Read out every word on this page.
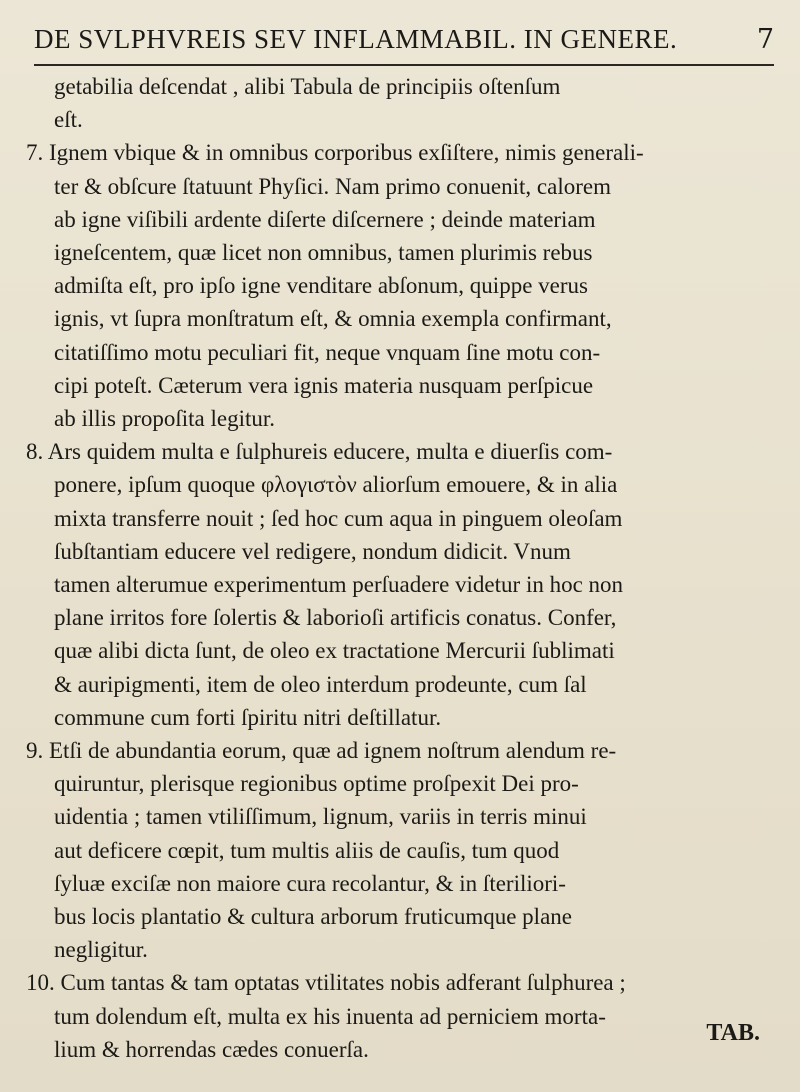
DE SVLPHVREIS SEV INFLAMMABIL. IN GENERE.	7
getabilia deſcendat , alibi Tabula de principiis oſtenſum
eſt.
7. Ignem vbique & in omnibus corporibus exſiſtere, nimis generali-
ter & obſcure ſtatuunt Phyſici. Nam primo conuenit, calorem
ab igne viſibili ardente diſerte diſcernere ; deinde materiam
igneſcentem, quæ licet non omnibus, tamen plurimis rebus
admiſta eſt, pro ipſo igne venditare abſonum, quippe verus
ignis, vt ſupra monſtratum eſt, & omnia exempla confirmant,
citatiſſimo motu peculiari fit, neque vnquam ſine motu con-
cipi poteſt. Cæterum vera ignis materia nusquam perſpicue
ab illis propoſita legitur.
8. Ars quidem multa e ſulphureis educere, multa e diuerſis com-
ponere, ipſum quoque φλογιστὸν aliorſum emouere, & in alia
mixta transferre nouit ; ſed hoc cum aqua in pinguem oleoſam
ſubſtantiam educere vel redigere, nondum didicit. Vnum
tamen alterumue experimentum perſuadere videtur in hoc non
plane irritos fore ſolertis & laborioſi artificis conatus. Confer,
quæ alibi dicta ſunt, de oleo ex tractatione Mercurii ſublimati
& auripigmenti, item de oleo interdum prodeunte, cum ſal
commune cum forti ſpiritu nitri deſtillatur.
9. Etſi de abundantia eorum, quæ ad ignem noſtrum alendum re-
quiruntur, plerisque regionibus optime proſpexit Dei pro-
uidentia ; tamen vtiliſſimum, lignum, variis in terris minui
aut deficere cœpit, tum multis aliis de cauſis, tum quod
ſyluæ exciſæ non maiore cura recolantur, & in ſteriliori-
bus locis plantatio & cultura arborum fruticumque plane
negligitur.
10. Cum tantas & tam optatas vtilitates nobis adferant ſulphurea ;
tum dolendum eſt, multa ex his inuenta ad perniciem morta-
lium & horrendas cædes conuerſa.
TAB.
